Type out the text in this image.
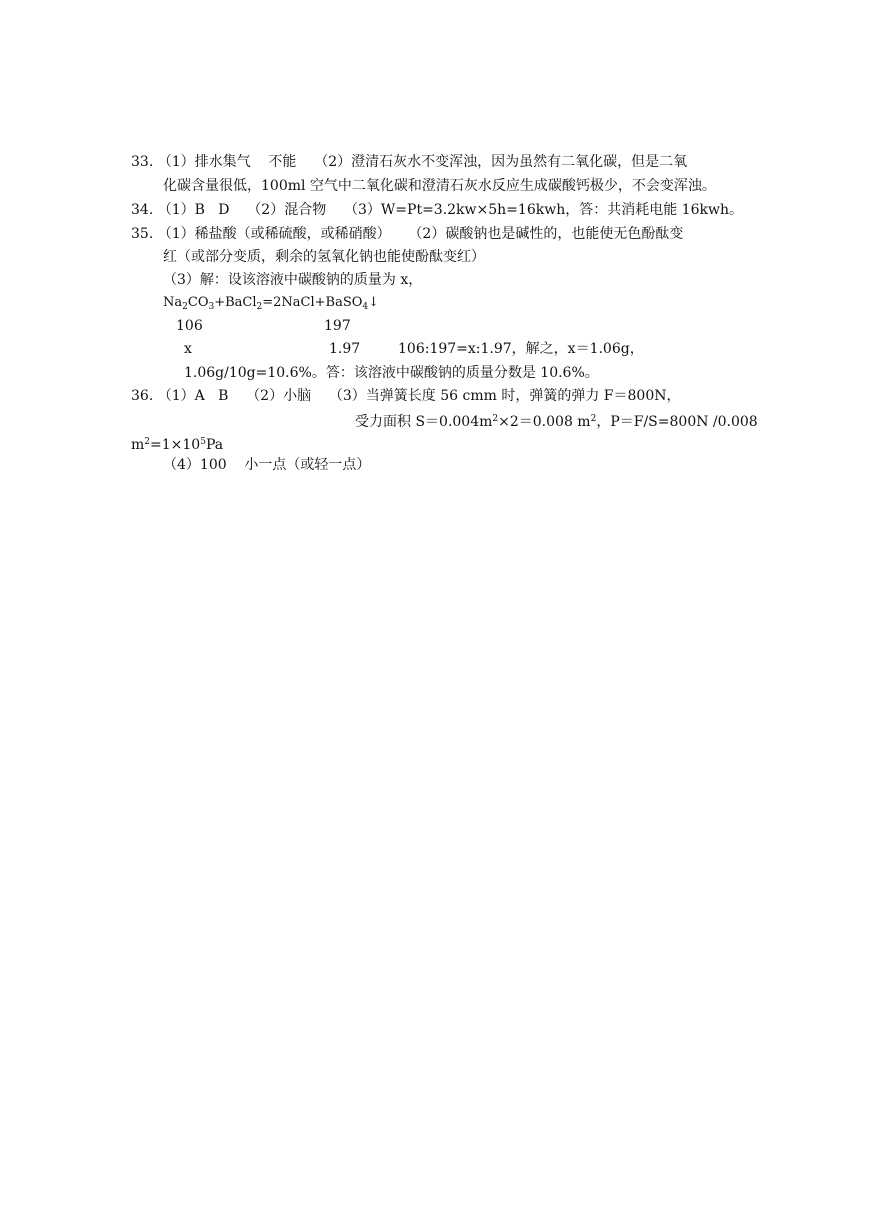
33. （1）排水集气    不能    （2）澄清石灰水不变浑浊，因为虽然有二氧化碳，但是二氧
化碳含量很低，100ml 空气中二氧化碳和澄清石灰水反应生成碳酸钙极少，不会变浑浊。
34. （1）B   D    （2）混合物    （3）W=Pt=3.2kw×5h=16kwh，答：共消耗电能 16kwh。
35. （1）稀盐酸（或稀硫酸，或稀硝酸）    （2）碳酸钠也是碱性的，也能使无色酚酞变
红（或部分变质，剩余的氢氧化钠也能使酚酞变红）
（3）解：设该溶液中碳酸钠的质量为 x，
$Na_2CO_3+BaCl_2=2NaCl+BaSO_4↓$
106	197
x	1.97	106:197=x:1.97，解之，x＝1.06g，
1.06g/10g=10.6%。答：该溶液中碳酸钠的质量分数是 10.6%。
36. （1）A   B    （2）小脑    （3）当弹簧长度 56 cmm 时，弹簧的弹力 F＝800N，
受力面积 $S=0.004m^2\times 2=0.008$ $m^2$，P＝F/S=800N /0.008
$m^2=1\times 10^5Pa$
（4）100    小一点（或轻一点）
